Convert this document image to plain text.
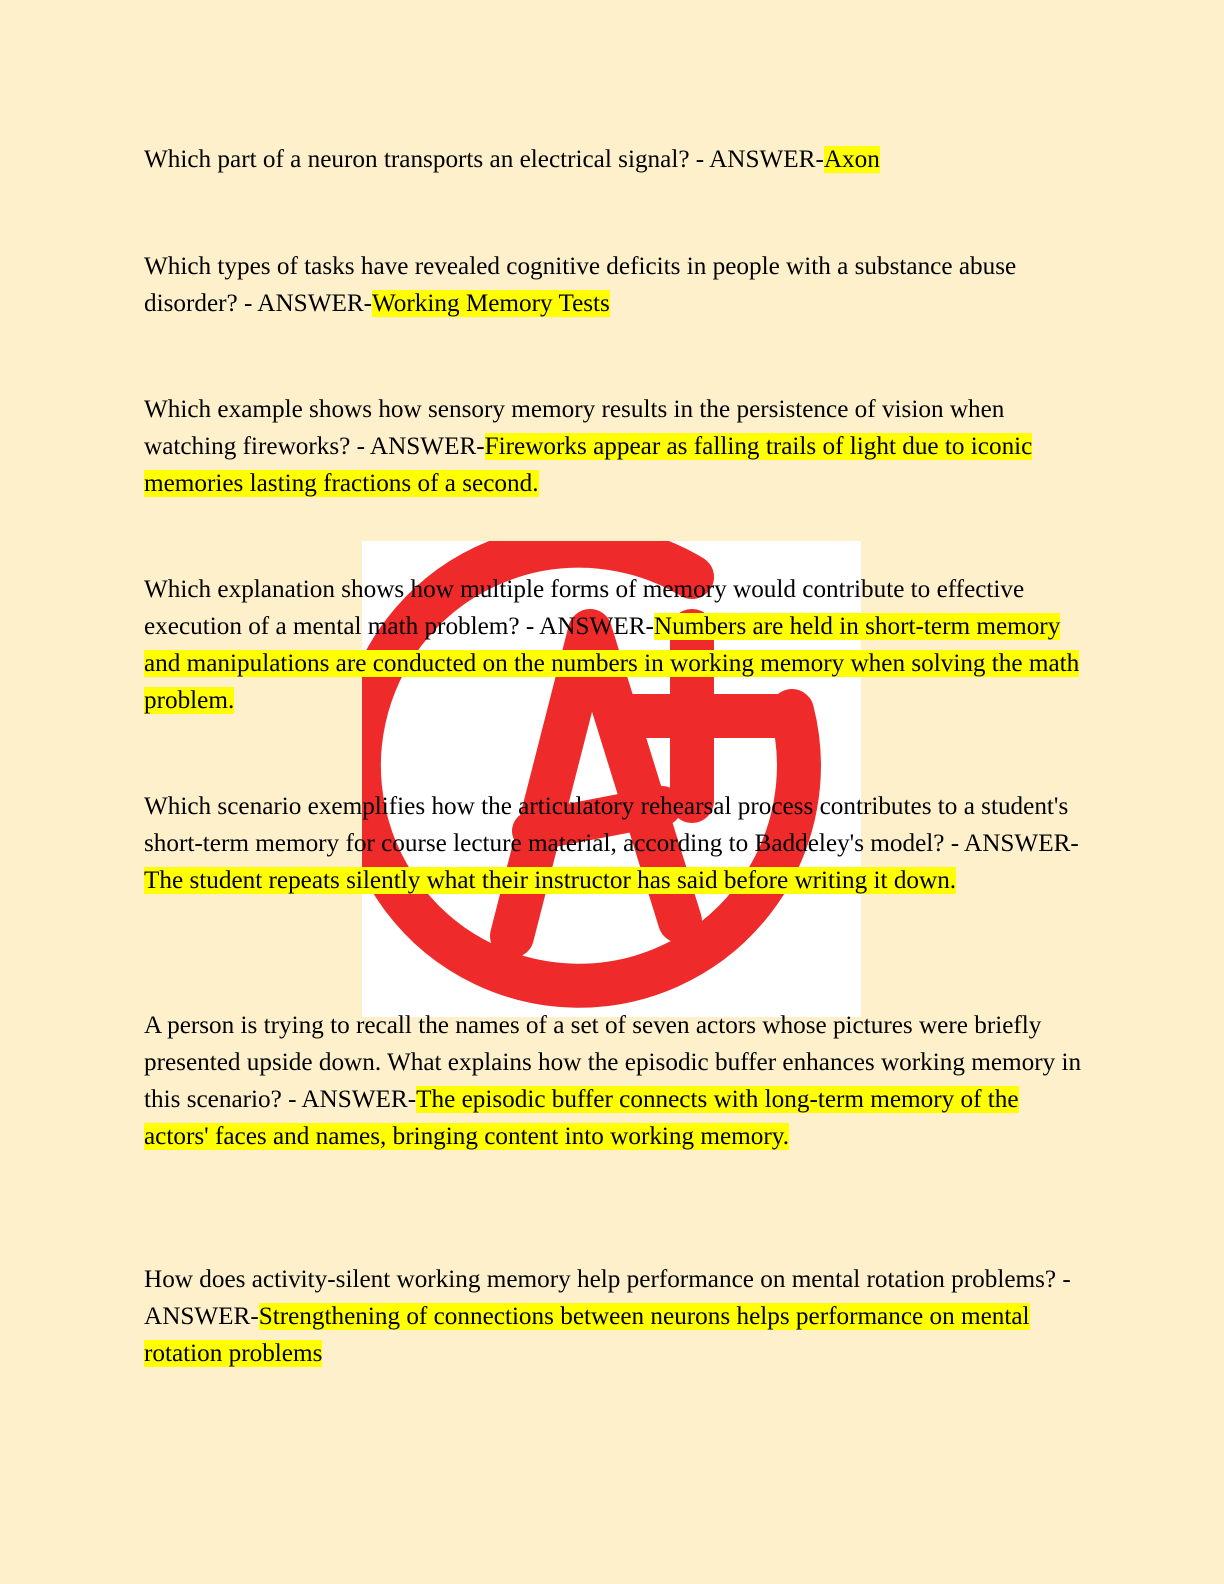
Which part of a neuron transports an electrical signal? - ANSWER-Axon

Which types of tasks have revealed cognitive deficits in people with a substance abuse disorder? - ANSWER-Working Memory Tests

Which example shows how sensory memory results in the persistence of vision when watching fireworks? - ANSWER-Fireworks appear as falling trails of light due to iconic memories lasting fractions of a second.

Which explanation shows how multiple forms of memory would contribute to effective execution of a mental math problem? - ANSWER-Numbers are held in short-term memory and manipulations are conducted on the numbers in working memory when solving the math problem.

Which scenario exemplifies how the articulatory rehearsal process contributes to a student's short-term memory for course lecture material, according to Baddeley's model? - ANSWER-The student repeats silently what their instructor has said before writing it down.

A person is trying to recall the names of a set of seven actors whose pictures were briefly presented upside down. What explains how the episodic buffer enhances working memory in this scenario? - ANSWER-The episodic buffer connects with long-term memory of the actors' faces and names, bringing content into working memory.

How does activity-silent working memory help performance on mental rotation problems? - ANSWER-Strengthening of connections between neurons helps performance on mental rotation problems
